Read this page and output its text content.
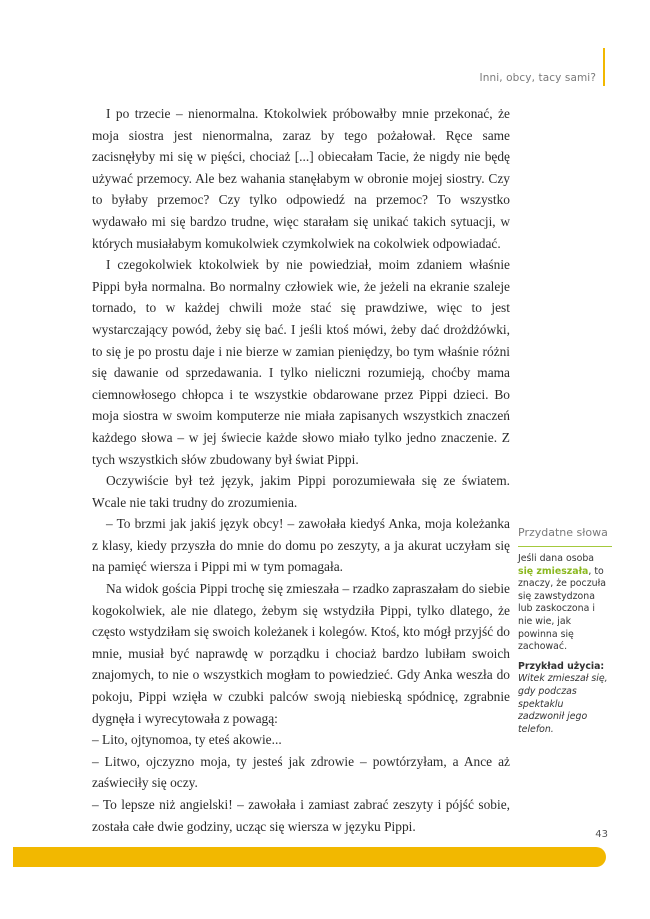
Inni, obcy, tacy sami?

I po trzecie – nienormalna. Ktokolwiek próbowałby mnie przekonać, że moja siostra jest nienormalna, zaraz by tego pożałował. Ręce same zacisnęłyby mi się w pięści, chociaż [...] obiecałam Tacie, że nigdy nie będę używać przemocy. Ale bez wahania stanęłabym w obronie mojej siostry. Czy to byłaby przemoc? Czy tylko odpowiedź na przemoc? To wszystko wydawało mi się bardzo trudne, więc starałam się unikać takich sytuacji, w których musiałabym komukolwiek czymkolwiek na cokolwiek odpowiadać.

I czegokolwiek ktokolwiek by nie powiedział, moim zdaniem właśnie Pippi była normalna. Bo normalny człowiek wie, że jeżeli na ekranie szaleje tornado, to w każdej chwili może stać się prawdziwe, więc to jest wystarczający powód, żeby się bać. I jeśli ktoś mówi, żeby dać drożdżówki, to się je po prostu daje i nie bierze w zamian pieniędzy, bo tym właśnie różni się dawanie od sprzedawania. I tylko nieliczni rozumieją, choćby mama ciemnowłosego chłopca i te wszystkie obdarowane przez Pippi dzieci. Bo moja siostra w swoim komputerze nie miała zapisanych wszystkich znaczeń każdego słowa – w jej świecie każde słowo miało tylko jedno znaczenie. Z tych wszystkich słów zbudowany był świat Pippi.

Oczywiście był też język, jakim Pippi porozumiewała się ze światem. Wcale nie taki trudny do zrozumienia.

– To brzmi jak jakiś język obcy! – zawołała kiedyś Anka, moja koleżanka z klasy, kiedy przyszła do mnie do domu po zeszyty, a ja akurat uczyłam się na pamięć wiersza i Pippi mi w tym pomagała.

Na widok gościa Pippi trochę się zmieszała – rzadko zapraszałam do siebie kogokolwiek, ale nie dlatego, żebym się wstydziła Pippi, tylko dlatego, że często wstydziłam się swoich koleżanek i kolegów. Ktoś, kto mógł przyjść do mnie, musiał być naprawdę w porządku i chociaż bardzo lubiłam swoich znajomych, to nie o wszystkich mogłam to powiedzieć. Gdy Anka weszła do pokoju, Pippi wzięła w czubki palców swoją niebieską spódnicę, zgrabnie dygnęła i wyrecytowała z powagą:

– Lito, ojtynomoa, ty eteś akowie...

– Litwo, ojczyzno moja, ty jesteś jak zdrowie – powtórzyłam, a Ance aż zaświeciły się oczy.

– To lepsze niż angielski! – zawołała i zamiast zabrać zeszyty i pójść sobie, została całe dwie godziny, ucząc się wiersza w języku Pippi.

Przydatne słowa
Jeśli dana osoba się zmieszała, to znaczy, że poczuła się zawstydzona lub zaskoczona i nie wie, jak powinna się zachować.
Przykład użycia:
Witek zmieszał się, gdy podczas spektaklu zadzwonił jego telefon.
43
